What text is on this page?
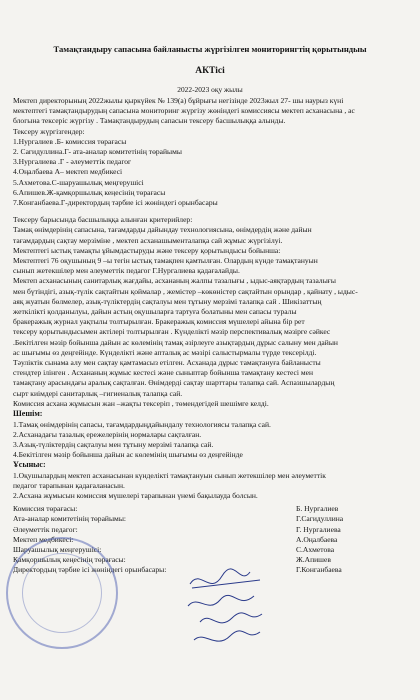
Тамақтандыру сапасына байланысты жүргізілген мониторингтің қорытындыы
АКТісі
2022-2023 оқу жылы
Мектеп директорының 2022жылы қыркүйек № 139(а) бұйрығы негізінде 2023жыл 27- шы наурыз күні
мектептегі тамақтандырудың сапасына мониторинг жүргізу жөніндегі комиссиясы мектеп асханасына , ас
блогына тексеріс жүргізу . Тамақтандырудың сапасын тексеру басшылыққа алынды.
Тексеру жүргізгендер:
1.Нургалиев .Б- комиссия төрағасы
2. Сагидуллина.Г- ата-аналар комитетінің төрайымы
3.Нургалиева .Г - әлеуметтік педагог
4.Оңалбаева А– мектеп медбикесі
5.Ахметова.С-шаруашылық меңгерушісі
6.Апишев.Ж-қамқоршылық кеңесінің төрағасы
7.Конганбаева.Г-директордың тәрбие ісі жөніндегі орынбасары
Тексеру барысында басшылыққа алынған критерийлер:
Тамақ өнімдерінің сапасына, тағамдарды дайындау технологиясына, өнімдердің және дайын
тағамдардың сақтау мерзіміне , мектеп асханашыменталапқа сай жұмыс жүргізілуі.
Мектептегі ыстық тамақты ұйымдастыруды және тексеру қорытындысы бойынша:
Мектептегі 76 оқушының 9 –ы тегін ыстық тамақпен қамтылған. Олардың күнде тамақтануын
сынып жетекшілер мен әлеуметтік педагог Г.Нургалиева қадағалайды.
Мектеп асханасының санитарлық жағдайы, асхананың жалпы тазалығы , ыдыс-аяқтардың тазалығы
мен бүтіндігі, азық-түлік сақтайтын қоймалар , жемістер –көкөністер сақтайтын орындар , қайнату , ыдыс-
аяқ жуатын бөлмелер, азық-түліктердің сақталуы мен тұтыну мерзімі талапқа сай . Шикізаттың
жеткілікті қолданылуы, дайын астың оқушыларға тартуға болатыны мен сапасы туралы
бракеражық журнал уақтылы толтырылған. Бракеражық комиссия мүшелері айына бір рет
тексеру қорытындысымен актілері толтырылған . Күнделікті мәзір перспективалық мәзірге сәйкес
.Бекітілген мәзір бойынша дайын ас көлемінің тамақ әзірлеуге азықтардың дұрыс салыну мен дайын
ас шығымы өз деңгейінде. Күнделікті және апталық ас мәзірі салыстырмалы түрде тексерілді.
Тәуліктік сынама алу мен сақтау қамтамасыз етілген. Асханада дұрыс тамақтануға байланысты
стендтер ілінген . Асхананың жұмыс кестесі және сыныптар бойынша тамақтану кестесі мен
тамақтану арасындағы аралық сақталған. Өнімдерді сақтау шарттары талапқа сай. Аспазшылардың
сырт киімдері санитарлық –гигиеналық талапқа сай.
Комиссия асхана жұмысын жан –жақты тексеріп , төмендегідей шешімге келді.
Шешім:
1.Тамақ өнімдерінің сапасы, тағамдардыңдайындалу технологиясы талапқа сай.
2.Асханадағы тазалық ережелерінің нормалары сақталған.
3.Азық-түліктердің сақталуы мен тұтыну мерзімі талапқа сай.
4.Бекітілген мәзір бойынша дайын ас көлемінің шығымы өз деңгейінде
Ұсыныс:
1.Оқушылардың мектеп асханасынан күнделікті тамақтануын сынып жетекшілер мен әлеуметтік
педагог тарапынан қадағаланасын.
2.Асхана жұмысын комиссия мүшелері тарапынан үнемі бақылауда болсын.
Комиссия төрағасы:	Б. Нургалиев
Ата-аналар комитетінің төрайымы:	Г.Сагидуллина
Әлеуметтік педагог:	Г. Нургалиева
Мектеп медбикесі:	А.Оңалбаева
Шаруашылық меңгерушісі:	С.Ахметова
Қамқоршылық кеңесінің төрағасы:	Ж.Апишев
Директордың тәрбие ісі жөніндегі орынбасары:	Г.Конганбаева
